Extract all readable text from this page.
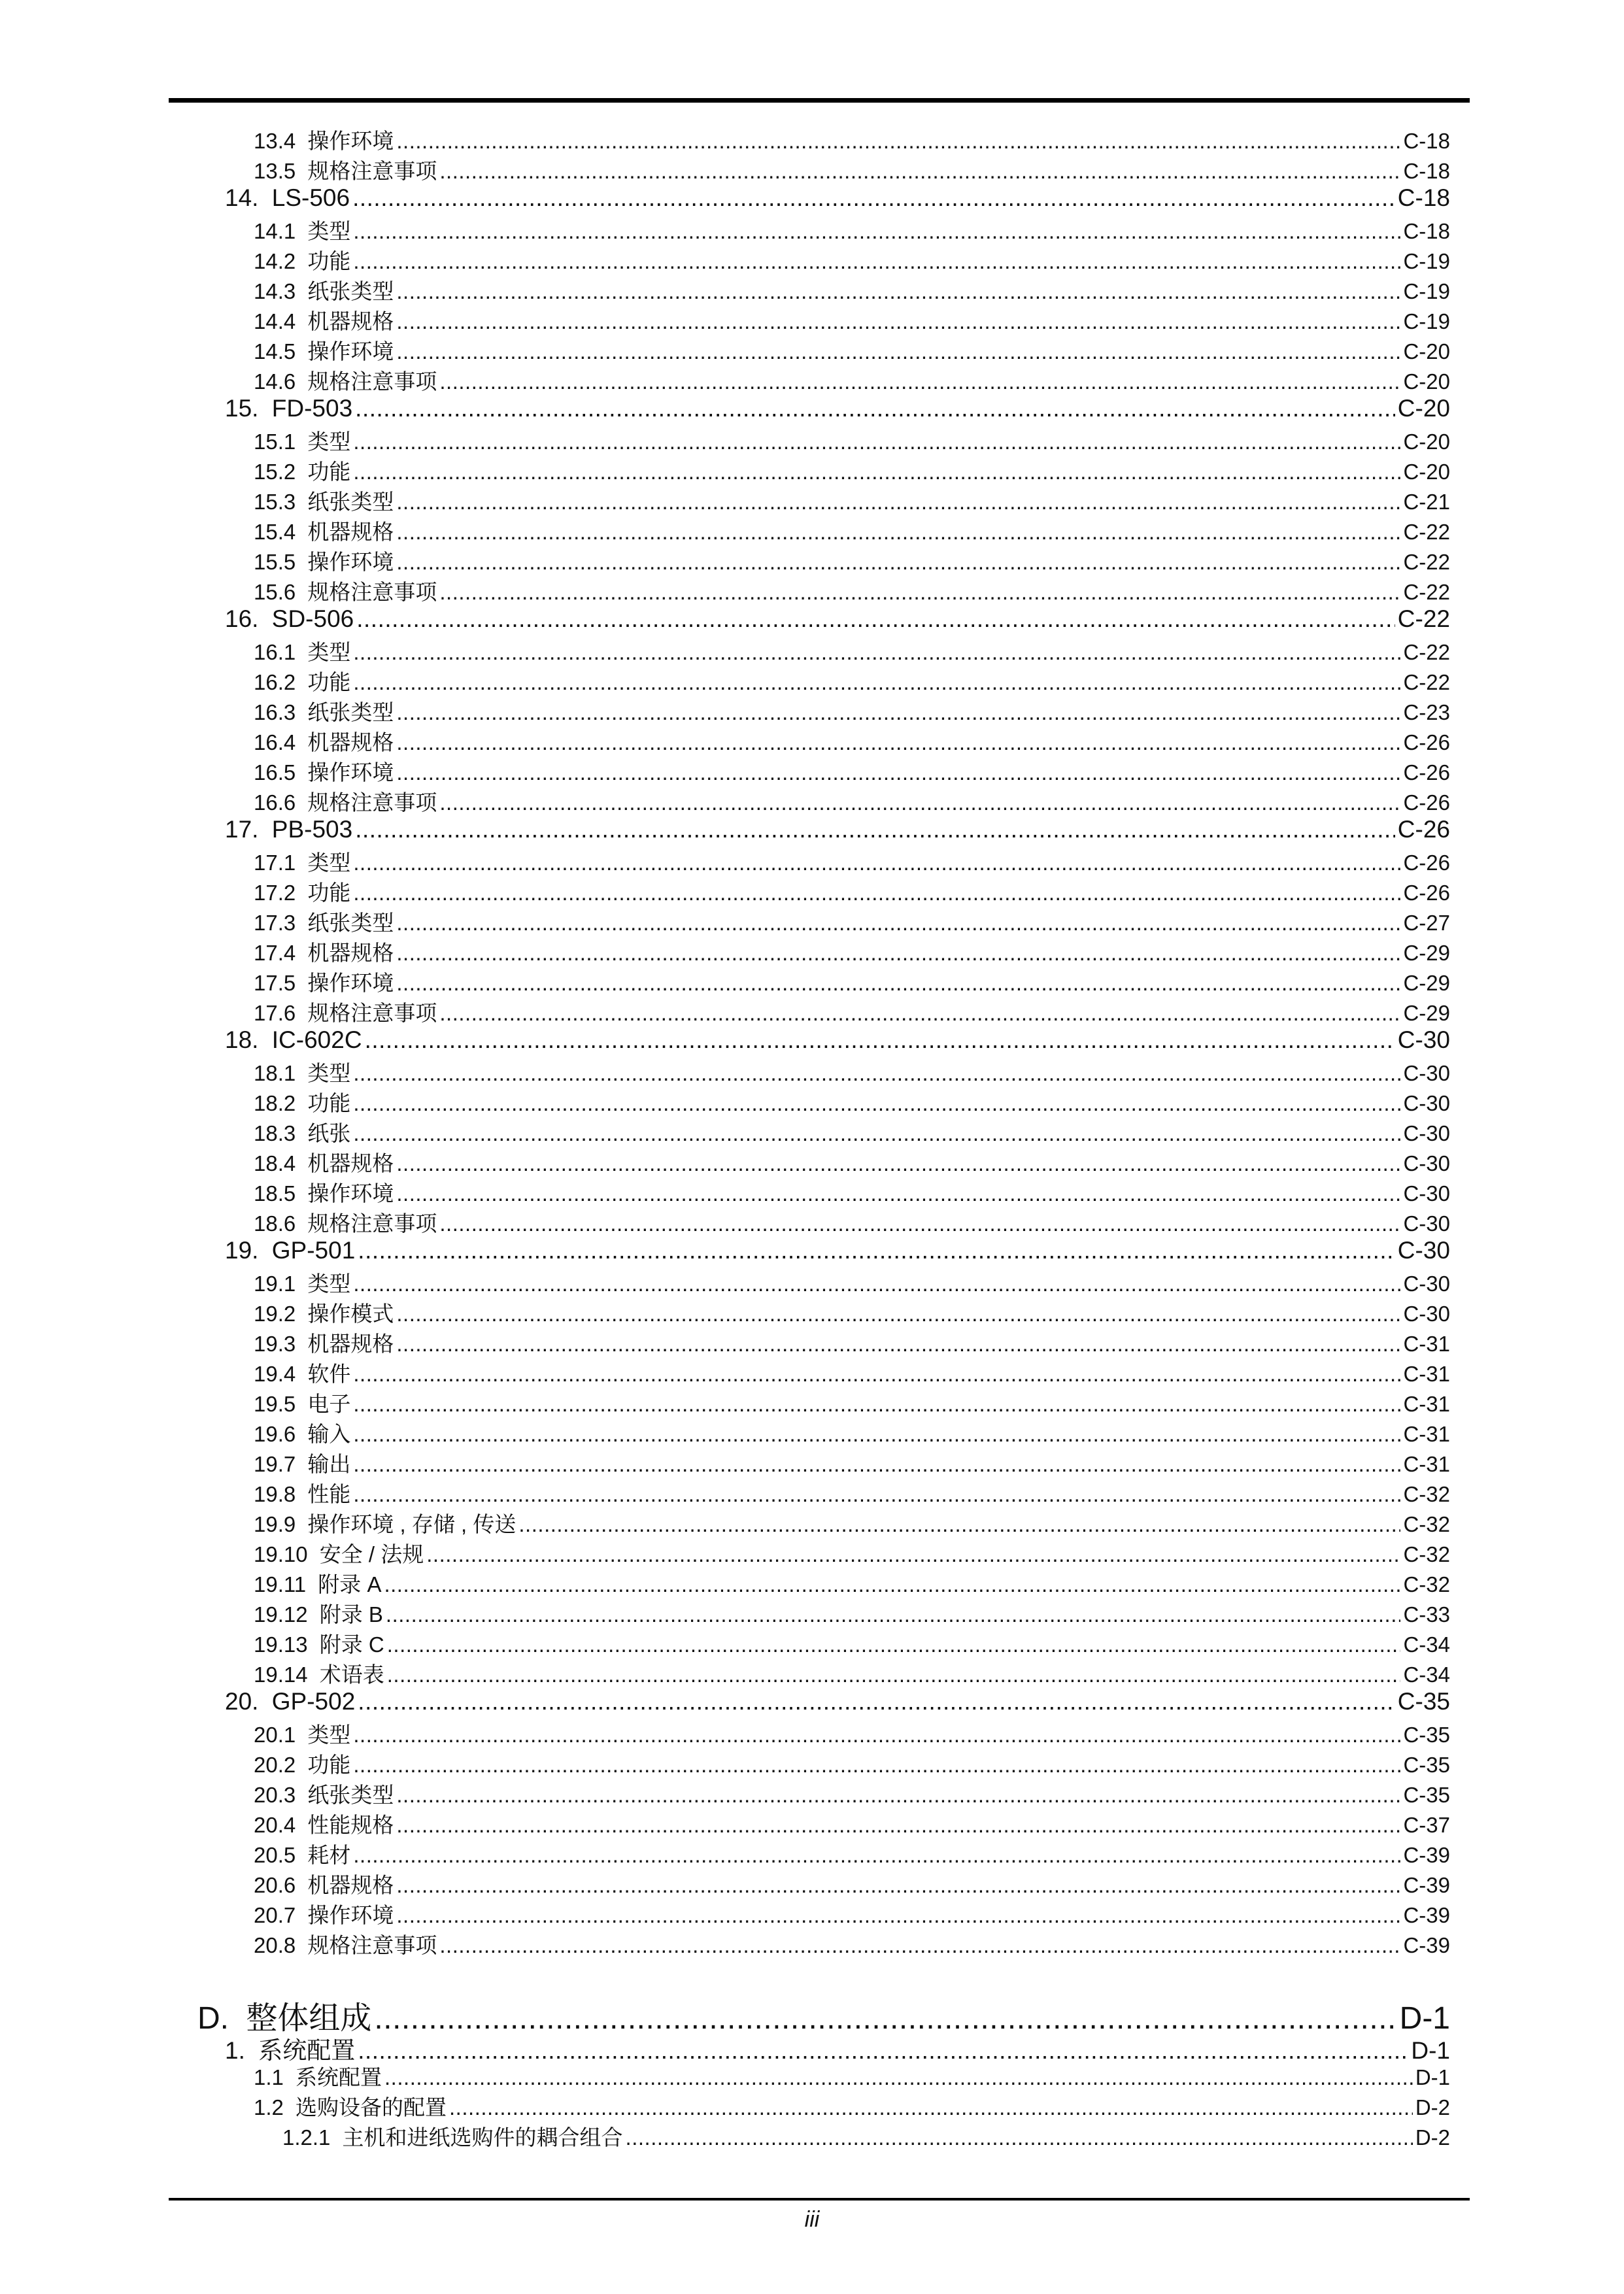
13.4 操作环境 .....	C-18
13.5 规格注意事项 .....	C-18
14. LS-506 .....	C-18
14.1 类型 .....	C-18
14.2 功能 .....	C-19
14.3 纸张类型 .....	C-19
14.4 机器规格 .....	C-19
14.5 操作环境 .....	C-20
14.6 规格注意事项 .....	C-20
15. FD-503 .....	C-20
15.1 类型 .....	C-20
15.2 功能 .....	C-20
15.3 纸张类型 .....	C-21
15.4 机器规格 .....	C-22
15.5 操作环境 .....	C-22
15.6 规格注意事项 .....	C-22
16. SD-506 .....	C-22
16.1 类型 .....	C-22
16.2 功能 .....	C-22
16.3 纸张类型 .....	C-23
16.4 机器规格 .....	C-26
16.5 操作环境 .....	C-26
16.6 规格注意事项 .....	C-26
17. PB-503 .....	C-26
17.1 类型 .....	C-26
17.2 功能 .....	C-26
17.3 纸张类型 .....	C-27
17.4 机器规格 .....	C-29
17.5 操作环境 .....	C-29
17.6 规格注意事项 .....	C-29
18. IC-602C .....	C-30
18.1 类型 .....	C-30
18.2 功能 .....	C-30
18.3 纸张 .....	C-30
18.4 机器规格 .....	C-30
18.5 操作环境 .....	C-30
18.6 规格注意事项 .....	C-30
19. GP-501 .....	C-30
19.1 类型 .....	C-30
19.2 操作模式 .....	C-30
19.3 机器规格 .....	C-31
19.4 软件 .....	C-31
19.5 电子 .....	C-31
19.6 输入 .....	C-31
19.7 输出 .....	C-31
19.8 性能 .....	C-32
19.9 操作环境 , 存储 , 传送 .....	C-32
19.10 安全 / 法规 .....	C-32
19.11 附录 A .....	C-32
19.12 附录 B .....	C-33
19.13 附录 C .....	C-34
19.14 术语表 .....	C-34
20. GP-502 .....	C-35
20.1 类型 .....	C-35
20.2 功能 .....	C-35
20.3 纸张类型 .....	C-35
20.4 性能规格 .....	C-37
20.5 耗材 .....	C-39
20.6 机器规格 .....	C-39
20.7 操作环境 .....	C-39
20.8 规格注意事项 .....	C-39
D. 整体组成 .....	D-1
1. 系统配置 .....	D-1
1.1 系统配置 .....	D-1
1.2 选购设备的配置 .....	D-2
1.2.1 主机和进纸选购件的耦合组合 .....	D-2
iii
